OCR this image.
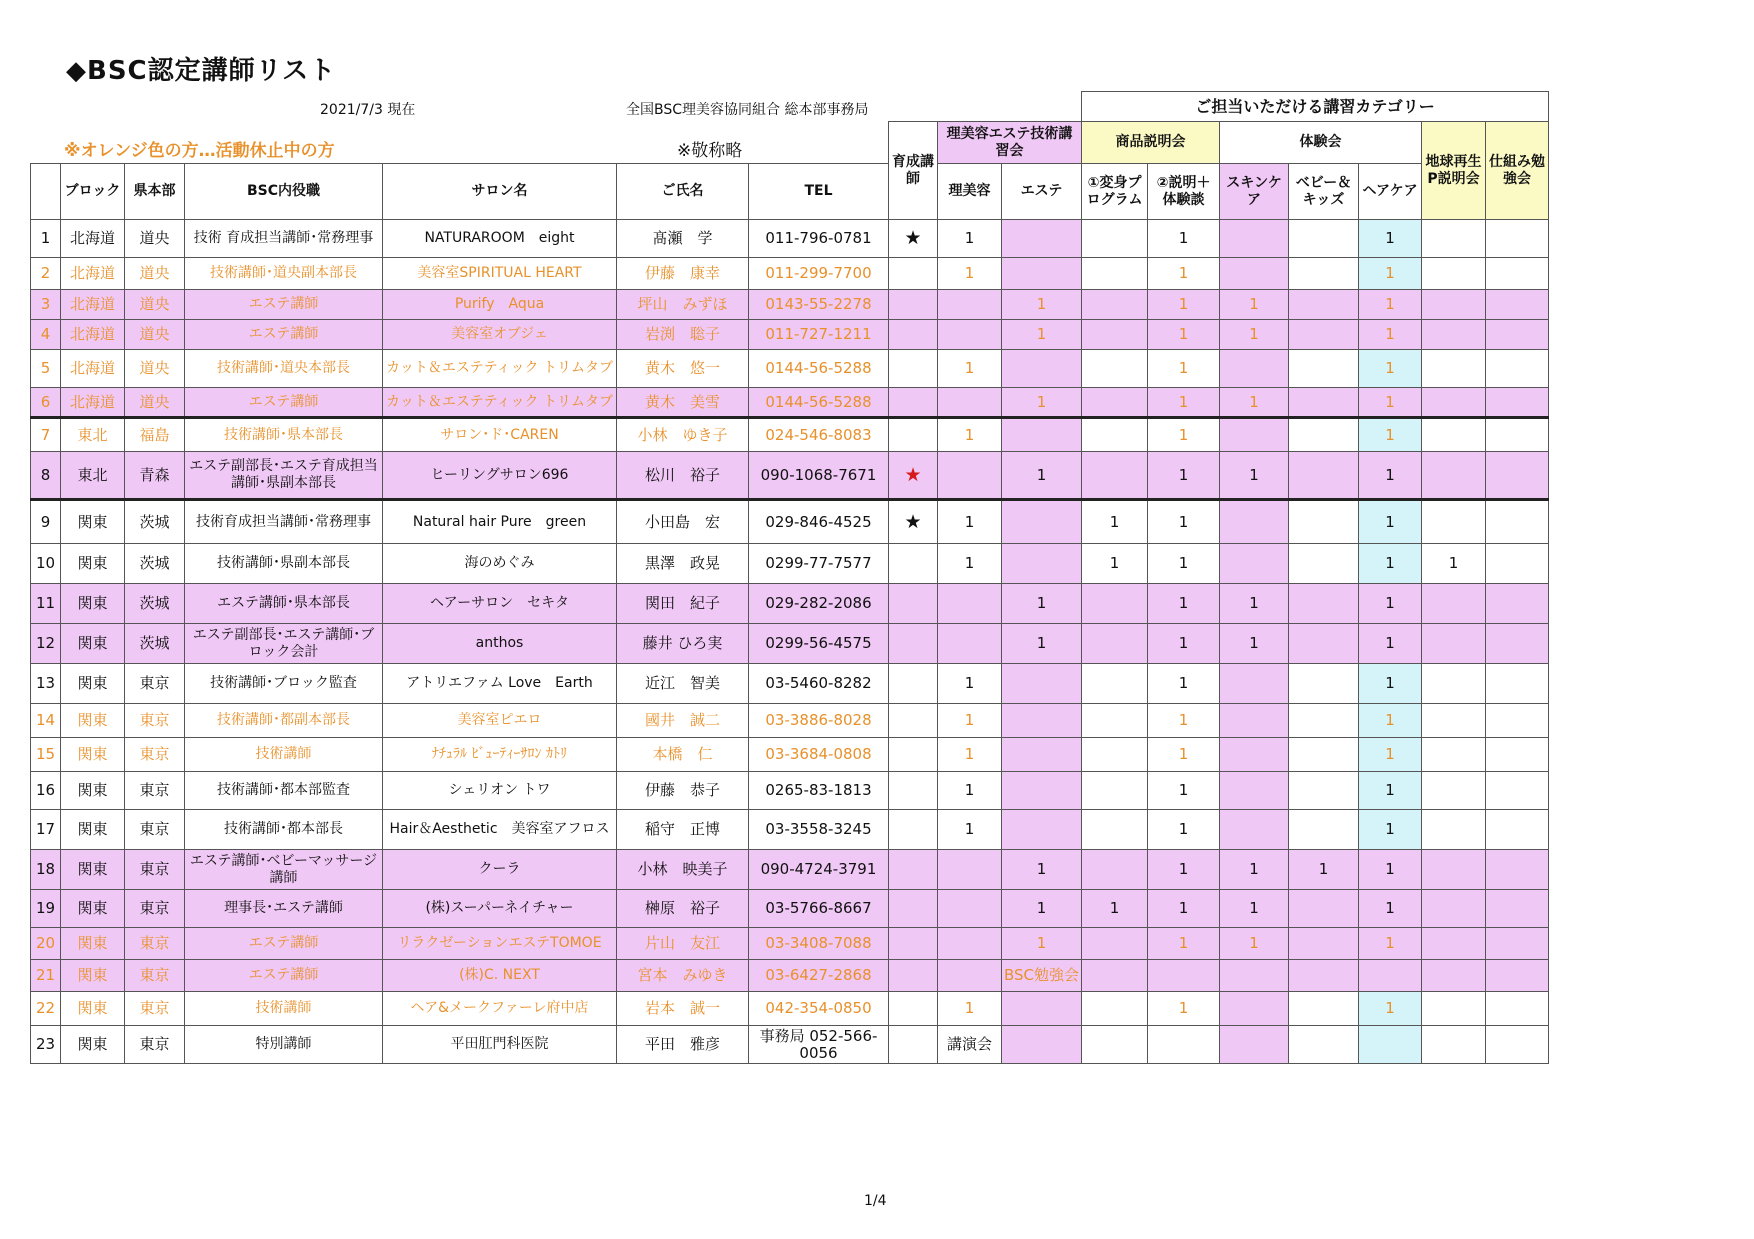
◆BSC認定講師リスト
2021/7/3 現在	全国BSC理美容協同組合 総本部事務局
※オレンジ色の方…活動休止中の方	※敬称略
										ご担当いただける講習カテゴリー						
							育成講師	理美容エステ技術講習会		商品説明会		体験会			地球再生P説明会	仕組み勉強会
	ブロック	県本部	BSC内役職	サロン名	ご氏名	TEL		理美容	エステ	①変身プログラム	②説明＋体験談	スキンケア	ベビー＆キッズ	ヘアケア		
1	北海道	道央	技術 育成担当講師･常務理事	NATURAROOM　eight	髙瀬　学	011-796-0781	★	1			1			1		
2	北海道	道央	技術講師･道央副本部長	美容室SPIRITUAL HEART	伊藤　康幸	011-299-7700		1			1			1		
3	北海道	道央	エステ講師	Purify　Aqua	坪山　みずほ	0143-55-2278			1		1	1		1		
4	北海道	道央	エステ講師	美容室オブジェ	岩渕　聡子	011-727-1211			1		1	1		1		
5	北海道	道央	技術講師･道央本部長	カット＆エステティック トリムタブ	黄木　悠一	0144-56-5288		1			1			1		
6	北海道	道央	エステ講師	カット＆エステティック トリムタブ	黄木　美雪	0144-56-5288			1		1	1		1		
7	東北	福島	技術講師･県本部長	サロン･ド･CAREN	小林　ゆき子	024-546-8083		1			1			1		
8	東北	青森	エステ副部長･エステ育成担当講師･県副本部長	ヒーリングサロン696	松川　裕子	090-1068-7671	★		1		1	1		1		
9	関東	茨城	技術育成担当講師･常務理事	Natural hair Pure　green	小田島　宏	029-846-4525	★	1		1	1			1		
10	関東	茨城	技術講師･県副本部長	海のめぐみ	黒澤　政晃	0299-77-7577		1		1	1			1	1	
11	関東	茨城	エステ講師･県本部長	ヘアーサロン　セキタ	関田　紀子	029-282-2086			1		1	1		1		
12	関東	茨城	エステ副部長･エステ講師･ブロック会計	anthos	藤井 ひろ実	0299-56-4575			1		1	1		1		
13	関東	東京	技術講師･ブロック監査	アトリエファム Love　Earth	近江　智美	03-5460-8282		1			1			1		
14	関東	東京	技術講師･都副本部長	美容室ピエロ	國井　誠二	03-3886-8028		1			1			1		
15	関東	東京	技術講師	ﾅﾁｭﾗﾙ ﾋﾞｭｰﾃｨｰｻﾛﾝ ｶﾄﾘ	本橋　仁	03-3684-0808		1			1			1		
16	関東	東京	技術講師･都本部監査	シェリオン トワ	伊藤　恭子	0265-83-1813		1			1			1		
17	関東	東京	技術講師･都本部長	Hair＆Aesthetic　美容室アフロス	稲守　正博	03-3558-3245		1			1			1		
18	関東	東京	エステ講師･ベビーマッサージ講師	クーラ	小林　映美子	090-4724-3791			1		1	1	1	1		
19	関東	東京	理事長･エステ講師	(株)スーパーネイチャー	榊原　裕子	03-5766-8667			1	1	1	1		1		
20	関東	東京	エステ講師	リラクゼーションエステTOMOE	片山　友江	03-3408-7088			1		1	1		1		
21	関東	東京	エステ講師	(株)C. NEXT	宮本　みゆき	03-6427-2868			BSC勉強会							
22	関東	東京	技術講師	ヘア&メークファーレ府中店	岩本　誠一	042-354-0850		1			1			1		
23	関東	東京	特別講師	平田肛門科医院	平田　雅彦	事務局 052-566-0056		講演会								
1/4
